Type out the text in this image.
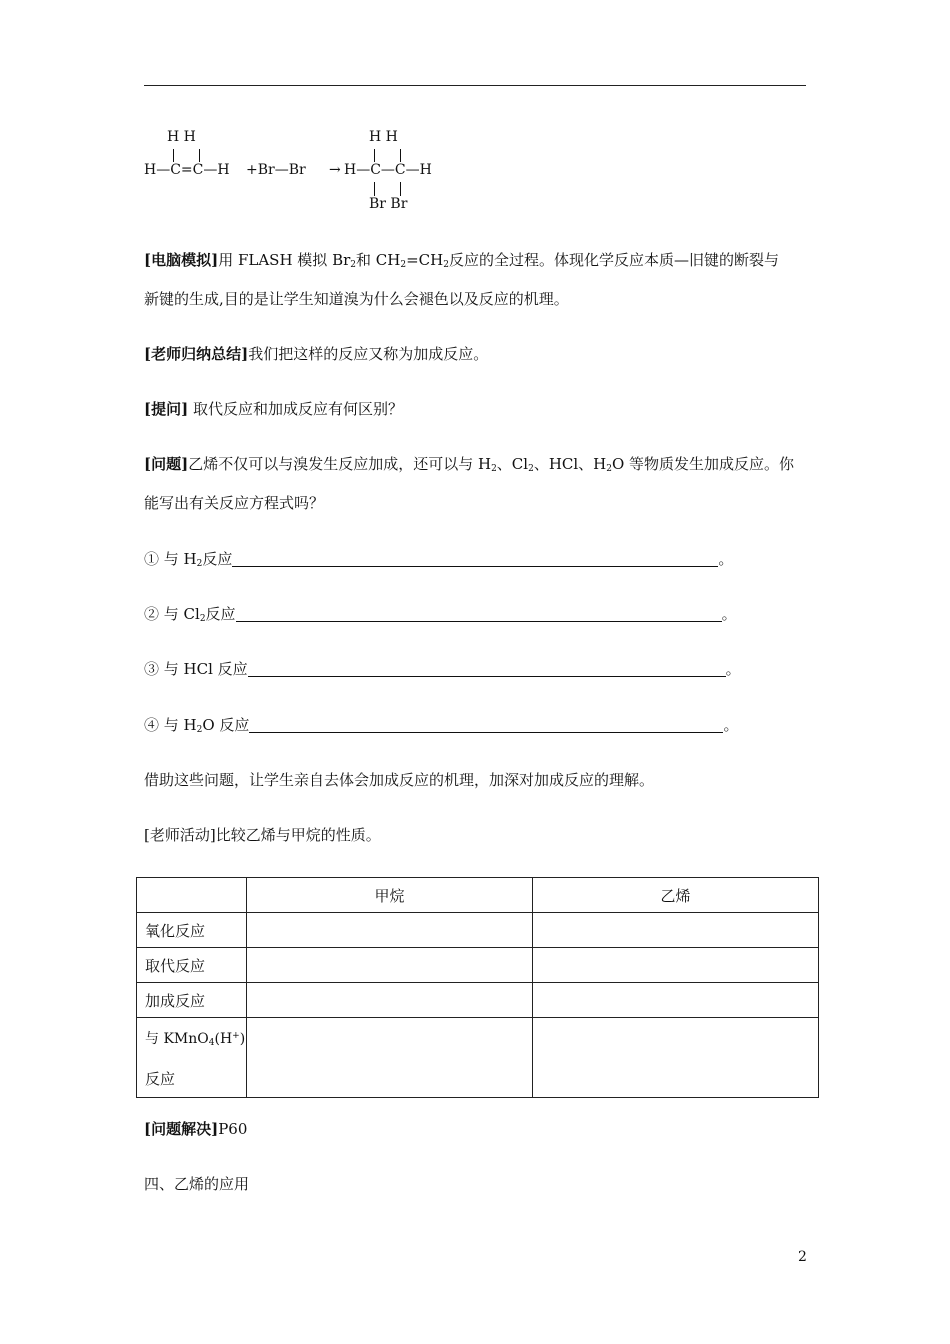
H H	H H
H—C=C—H +Br—Br → H—C—C—H
Br Br
[电脑模拟]用 FLASH 模拟 $Br_2$和 $CH_2=CH_2$反应的全过程。体现化学反应本质—旧键的断裂与
新键的生成,目的是让学生知道溴为什么会褪色以及反应的机理。
[老师归纳总结]我们把这样的反应又称为加成反应。
[提问] 取代反应和加成反应有何区别？
[问题]乙烯不仅可以与溴发生反应加成，还可以与 $H_2$、$Cl_2$、HCl、$H_2O$ 等物质发生加成反应。你
能写出有关反应方程式吗？
① 与 $H_2$反应	。
② 与 $Cl_2$反应	。
③ 与 HCl 反应	。
④ 与 $H_2O$ 反应	。
借助这些问题，让学生亲自去体会加成反应的机理，加深对加成反应的理解。
[老师活动]比较乙烯与甲烷的性质。
	甲烷	乙烯
氧化反应		
取代反应		
加成反应		

与 KMnO$_4$(H+)
反应		

[问题解决]P60
四、乙烯的应用
2
